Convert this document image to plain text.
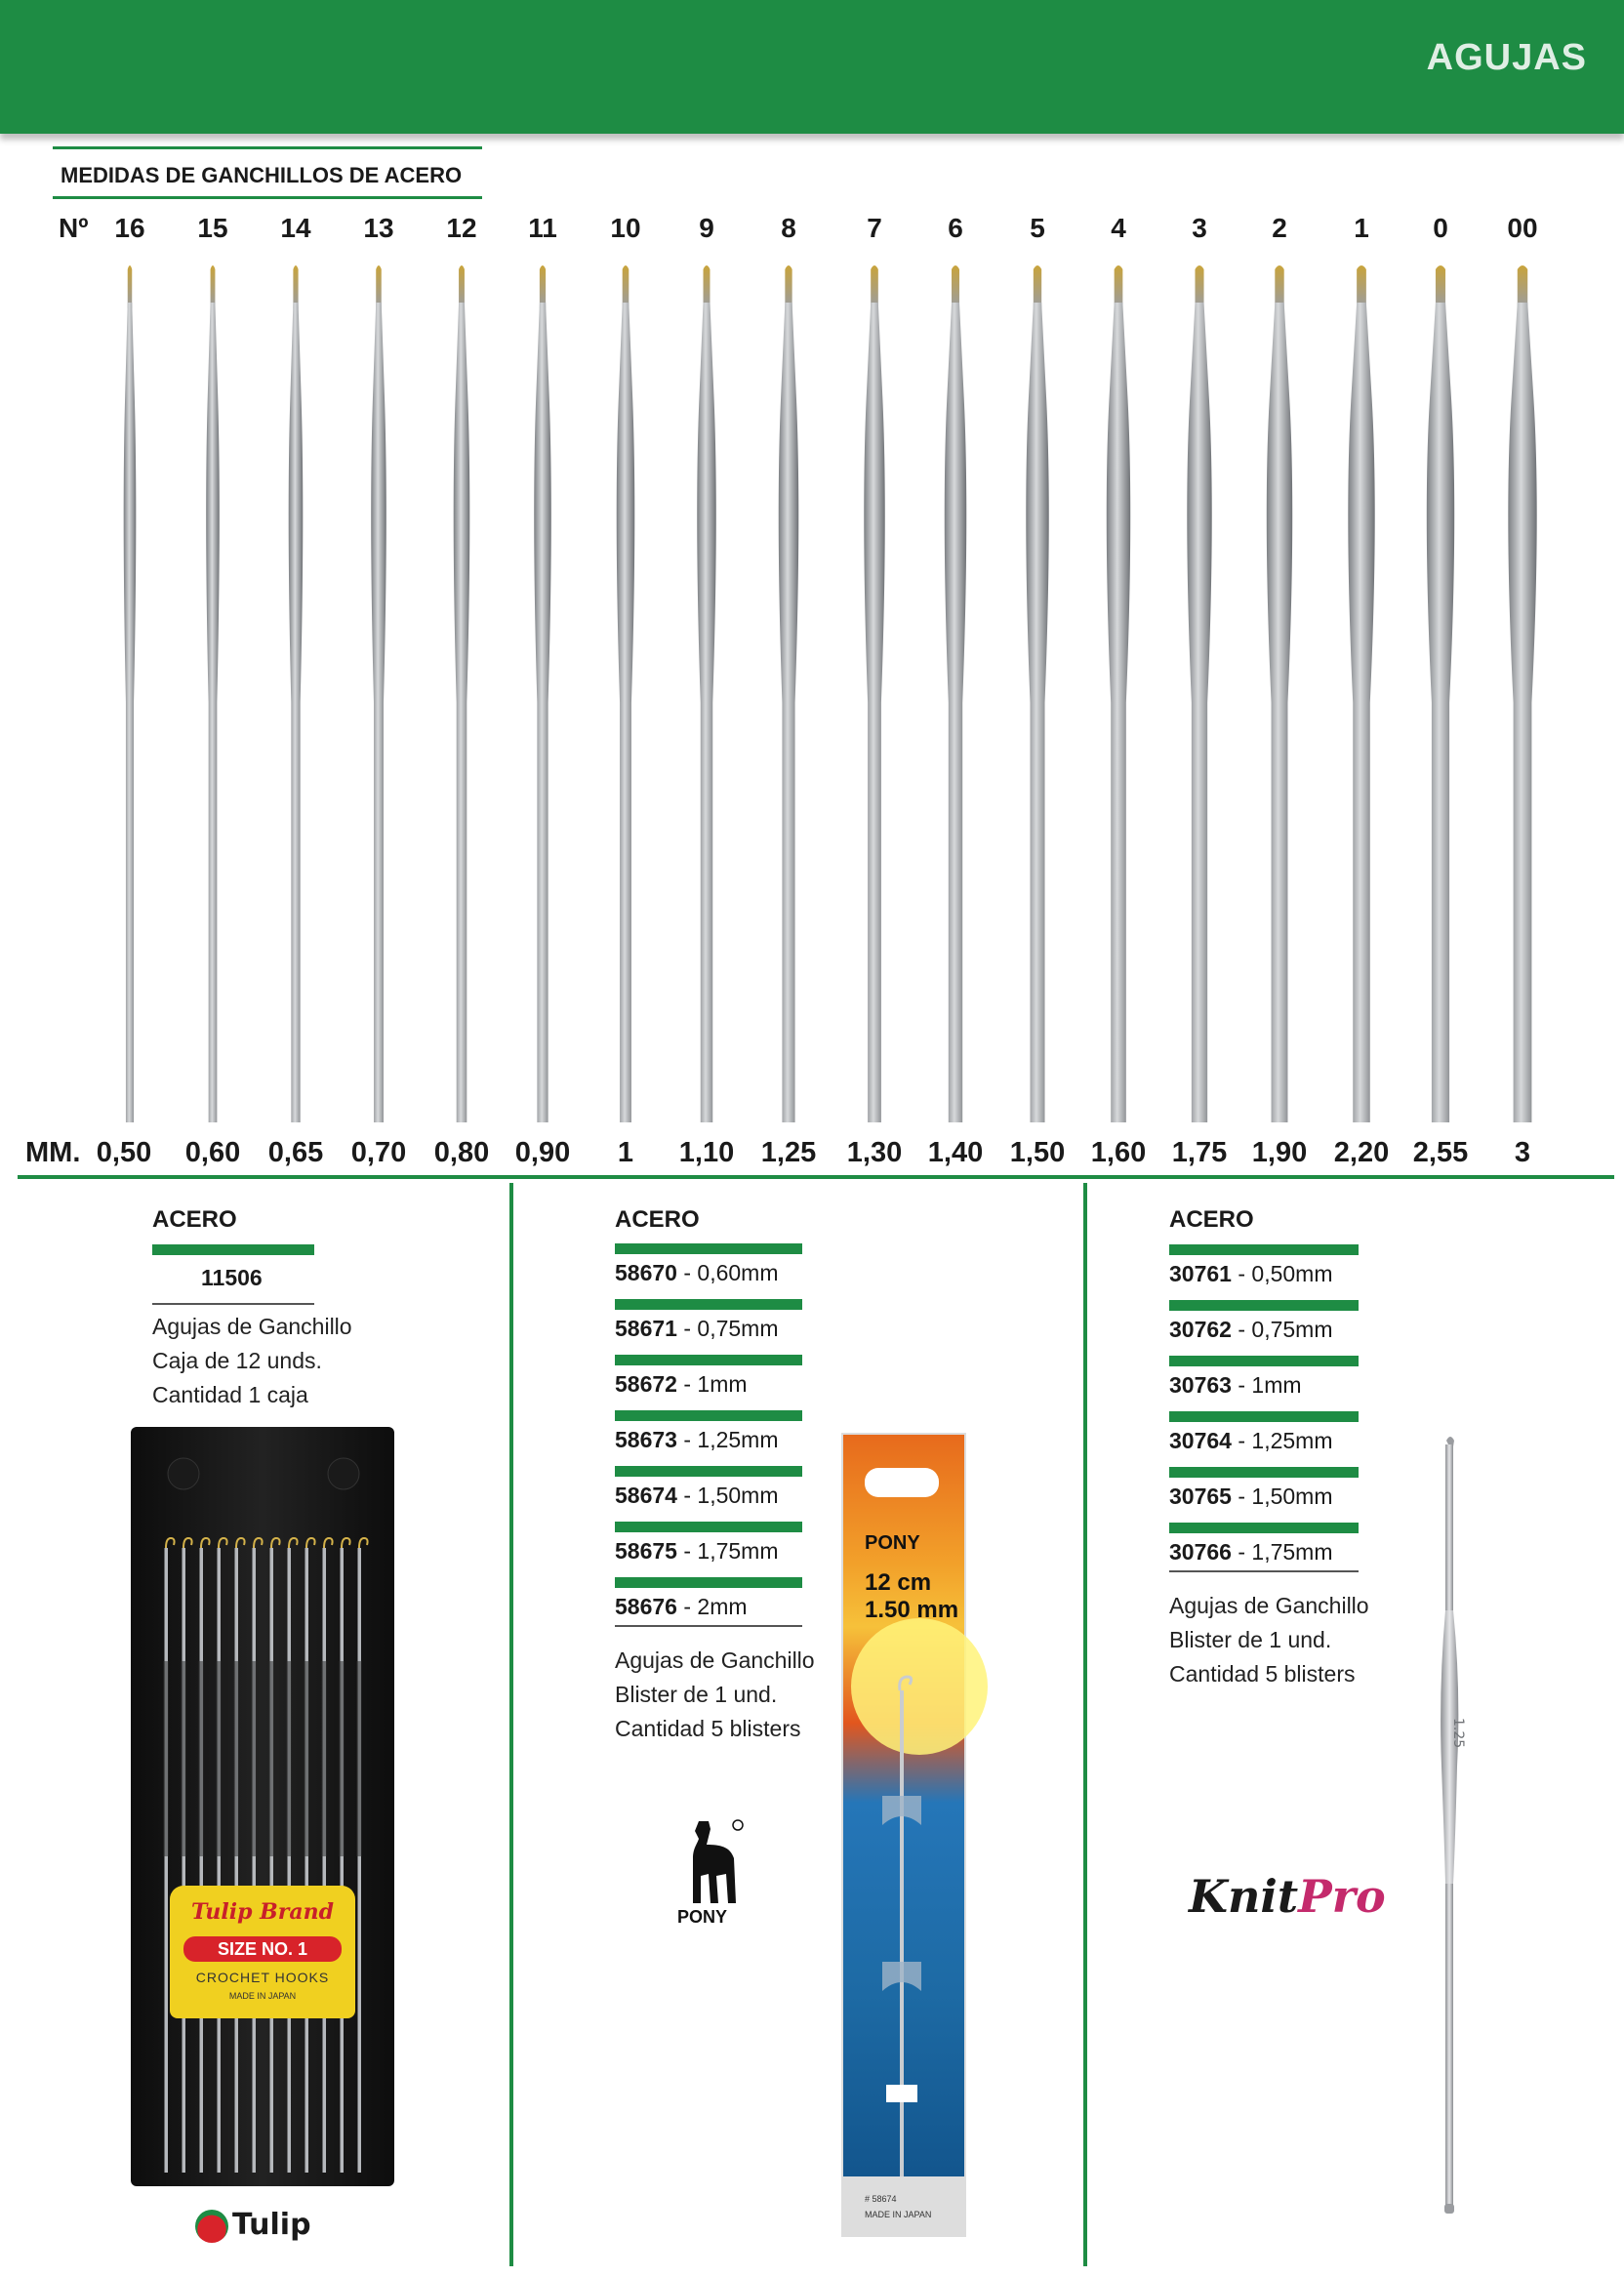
AGUJAS
MEDIDAS DE GANCHILLOS DE ACERO
Nº
MM.
16
0,50
15
0,60
14
0,65
13
0,70
12
0,80
11
0,90
10
1
9
1,10
8
1,25
7
1,30
6
1,40
5
1,50
4
1,60
3
1,75
2
1,90
1
2,20
0
2,55
00
3
ACERO
11506
Agujas de Ganchillo
Caja de 12 unds.
Cantidad 1 caja
Tulip Brand
SIZE NO. 1
CROCHET HOOKS
MADE IN JAPAN
Tulip
ACERO
58670 - 0,60mm
58671 - 0,75mm
58672 - 1mm
58673 - 1,25mm
58674 - 1,50mm
58675 - 1,75mm
58676 - 2mm
Agujas de Ganchillo
Blister de 1 und.
Cantidad 5 blisters
PONY
PONY
12 cm
1.50 mm
# 58674
MADE IN JAPAN
ACERO
30761 - 0,50mm
30762 - 0,75mm
30763 - 1mm
30764 - 1,25mm
30765 - 1,50mm
30766 - 1,75mm
Agujas de Ganchillo
Blister de 1 und.
Cantidad 5 blisters
KnitPro
1.25
